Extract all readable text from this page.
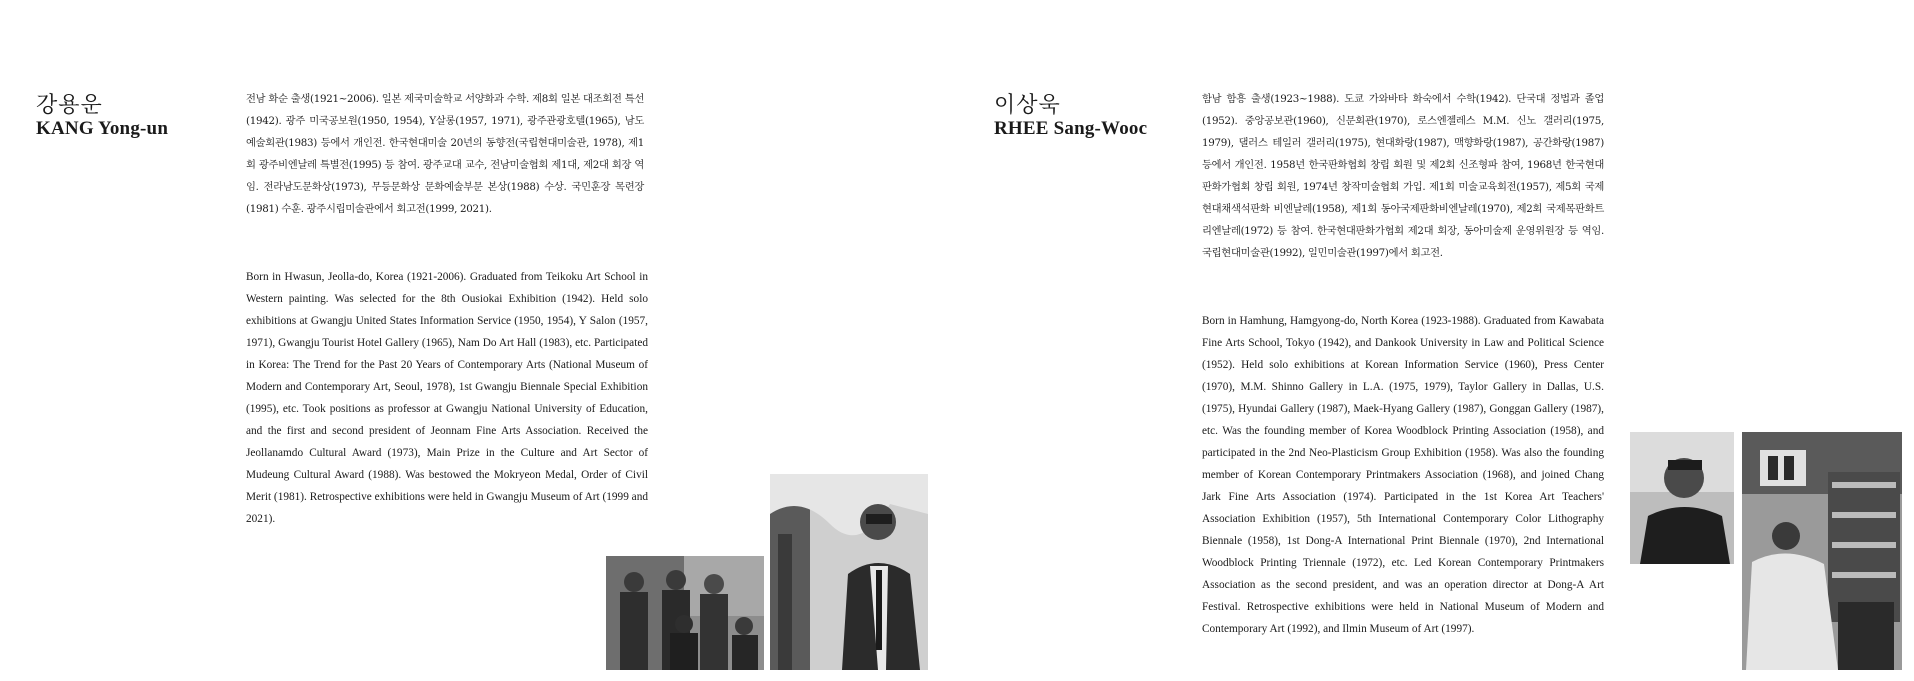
강용운
KANG Yong-un

전남 화순 출생(1921~2006). 일본 제국미술학교 서양화과 수학. 제8회 일본 대조회전 특선(1942). 광주 미국공보원(1950, 1954), Y살롱(1957, 1971), 광주관광호텔(1965), 남도예술회관(1983) 등에서 개인전. 한국현대미술 20년의 동향전(국립현대미술관, 1978), 제1회 광주비엔날레 특별전(1995) 등 참여. 광주교대 교수, 전남미술협회 제1대, 제2대 회장 역임. 전라남도문화상(1973), 무등문화상 문화예술부문 본상(1988) 수상. 국민훈장 목련장(1981) 수훈. 광주시립미술관에서 회고전(1999, 2021).

Born in Hwasun, Jeolla-do, Korea (1921-2006). Graduated from Teikoku Art School in Western painting. Was selected for the 8th Ousiokai Exhibition (1942). Held solo exhibitions at Gwangju United States Information Service (1950, 1954), Y Salon (1957, 1971), Gwangju Tourist Hotel Gallery (1965), Nam Do Art Hall (1983), etc. Participated in Korea: The Trend for the Past 20 Years of Contemporary Arts (National Museum of Modern and Contemporary Art, Seoul, 1978), 1st Gwangju Biennale Special Exhibition (1995), etc. Took positions as professor at Gwangju National University of Education, and the first and second president of Jeonnam Fine Arts Association. Received the Jeollanamdo Cultural Award (1973), Main Prize in the Culture and Art Sector of Mudeung Cultural Award (1988). Was bestowed the Mokryeon Medal, Order of Civil Merit (1981). Retrospective exhibitions were held in Gwangju Museum of Art (1999 and 2021).

이상욱
RHEE Sang-Wooc

함남 함흥 출생(1923~1988). 도쿄 가와바타 화숙에서 수학(1942). 단국대 정법과 졸업(1952). 중앙공보관(1960), 신문회관(1970), 로스엔젤레스 M.M. 신노 갤러리(1975, 1979), 댈러스 테일러 갤러리(1975), 현대화랑(1987), 맥향화랑(1987), 공간화랑(1987) 등에서 개인전. 1958년 한국판화협회 창립 회원 및 제2회 신조형파 참여, 1968년 한국현대판화가협회 창립 회원, 1974년 창작미술협회 가입. 제1회 미술교육회전(1957), 제5회 국제현대채색석판화 비엔날레(1958), 제1회 동아국제판화비엔날레(1970), 제2회 국제목판화트리엔날레(1972) 등 참여. 한국현대판화가협회 제2대 회장, 동아미술제 운영위원장 등 역임. 국립현대미술관(1992), 일민미술관(1997)에서 회고전.

Born in Hamhung, Hamgyong-do, North Korea (1923-1988). Graduated from Kawabata Fine Arts School, Tokyo (1942), and Dankook University in Law and Political Science (1952). Held solo exhibitions at Korean Information Service (1960), Press Center (1970), M.M. Shinno Gallery in L.A. (1975, 1979), Taylor Gallery in Dallas, U.S. (1975), Hyundai Gallery (1987), Maek-Hyang Gallery (1987), Gonggan Gallery (1987), etc. Was the founding member of Korea Woodblock Printing Association (1958), and participated in the 2nd Neo-Plasticism Group Exhibition (1958). Was also the founding member of Korean Contemporary Printmakers Association (1968), and joined Chang Jark Fine Arts Association (1974). Participated in the 1st Korea Art Teachers' Association Exhibition (1957), 5th International Contemporary Color Lithography Biennale (1958), 1st Dong-A International Print Biennale (1970), 2nd International Woodblock Printing Triennale (1972), etc. Led Korean Contemporary Printmakers Association as the second president, and was an operation director at Dong-A Art Festival. Retrospective exhibitions were held in National Museum of Modern and Contemporary Art (1992), and Ilmin Museum of Art (1997).
